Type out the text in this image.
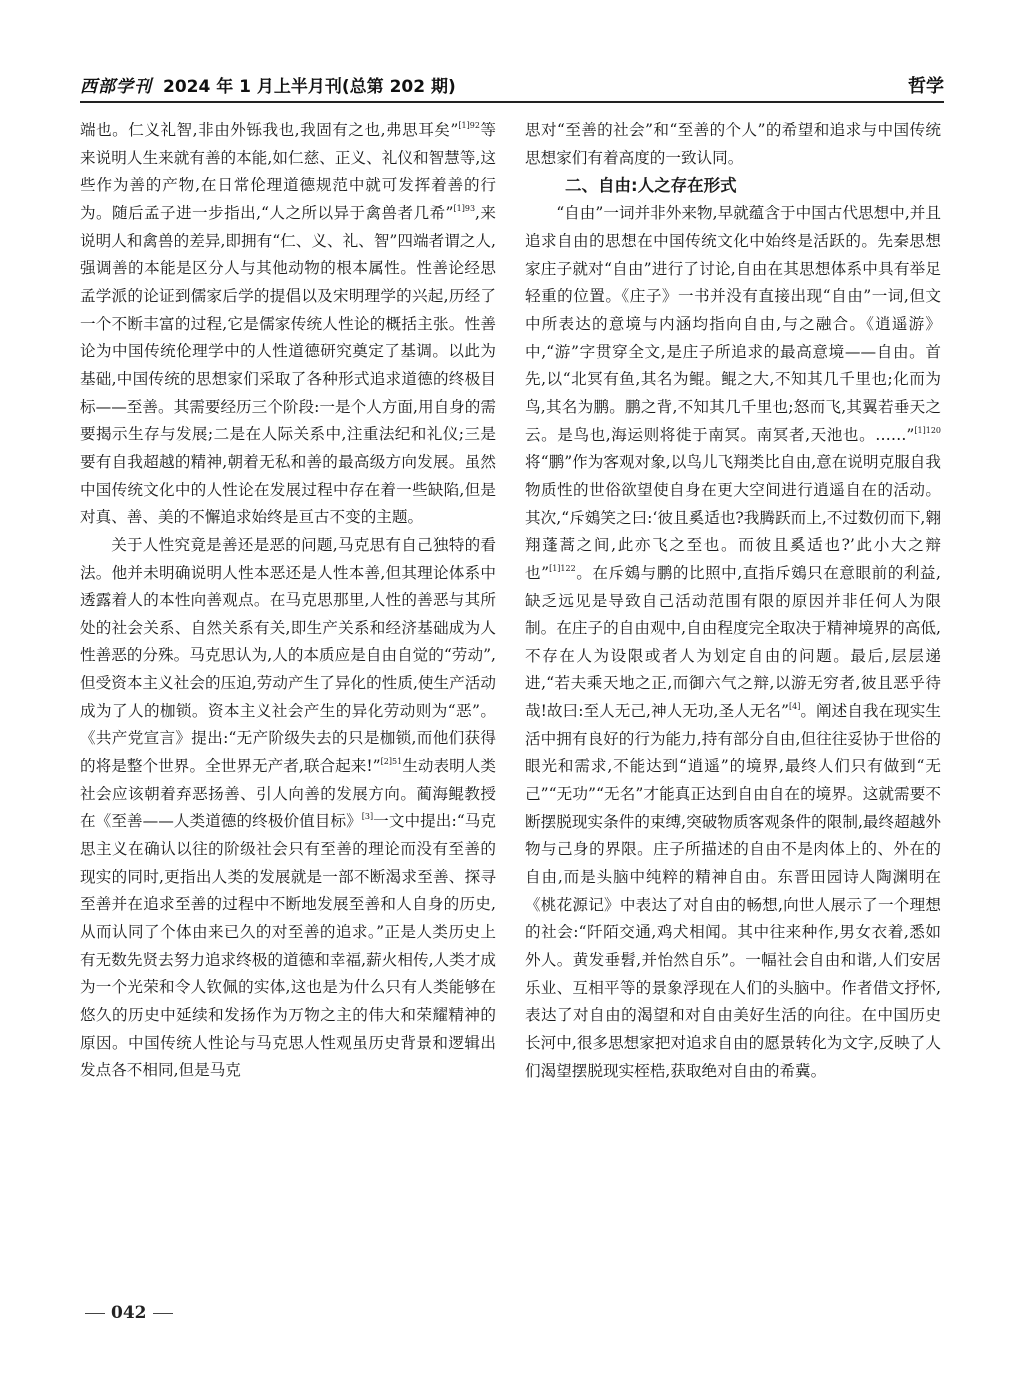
西部学刊 2024 年 1 月上半月刊(总第 202 期)	哲学

端也。仁义礼智,非由外铄我也,我固有之也,弗思耳矣”$^{[1]92}$等来说明人生来就有善的本能,如仁慈、正义、礼仪和智慧等,这些作为善的产物,在日常伦理道德规范中就可发挥着善的行为。随后孟子进一步指出,“人之所以异于禽兽者几希”$^{[1]93}$,来说明人和禽兽的差异,即拥有“仁、义、礼、智”四端者谓之人,强调善的本能是区分人与其他动物的根本属性。性善论经思孟学派的论证到儒家后学的提倡以及宋明理学的兴起,历经了一个不断丰富的过程,它是儒家传统人性论的概括主张。性善论为中国传统伦理学中的人性道德研究奠定了基调。以此为基础,中国传统的思想家们采取了各种形式追求道德的终极目标——至善。其需要经历三个阶段:一是个人方面,用自身的需要揭示生存与发展;二是在人际关系中,注重法纪和礼仪;三是要有自我超越的精神,朝着无私和善的最高级方向发展。虽然中国传统文化中的人性论在发展过程中存在着一些缺陷,但是对真、善、美的不懈追求始终是亘古不变的主题。

关于人性究竟是善还是恶的问题,马克思有自己独特的看法。他并未明确说明人性本恶还是人性本善,但其理论体系中透露着人的本性向善观点。在马克思那里,人性的善恶与其所处的社会关系、自然关系有关,即生产关系和经济基础成为人性善恶的分殊。马克思认为,人的本质应是自由自觉的“劳动”,但受资本主义社会的压迫,劳动产生了异化的性质,使生产活动成为了人的枷锁。资本主义社会产生的异化劳动则为“恶”。《共产党宣言》提出:“无产阶级失去的只是枷锁,而他们获得的将是整个世界。全世界无产者,联合起来!”$^{[2]51}$生动表明人类社会应该朝着弃恶扬善、引人向善的发展方向。蔺海鲲教授在《至善——人类道德的终极价值目标》[3]一文中提出:“马克思主义在确认以往的阶级社会只有至善的理论而没有至善的现实的同时,更指出人类的发展就是一部不断渴求至善、探寻至善并在追求至善的过程中不断地发展至善和人自身的历史,从而认同了个体由来已久的对至善的追求。”正是人类历史上有无数先贤去努力追求终极的道德和幸福,薪火相传,人类才成为一个光荣和令人钦佩的实体,这也是为什么只有人类能够在悠久的历史中延续和发扬作为万物之主的伟大和荣耀精神的原因。中国传统人性论与马克思人性观虽历史背景和逻辑出发点各不相同,但是马克

思对“至善的社会”和“至善的个人”的希望和追求与中国传统思想家们有着高度的一致认同。

二、自由:人之存在形式

“自由”一词并非外来物,早就蕴含于中国古代思想中,并且追求自由的思想在中国传统文化中始终是活跃的。先秦思想家庄子就对“自由”进行了讨论,自由在其思想体系中具有举足轻重的位置。《庄子》一书并没有直接出现“自由”一词,但文中所表达的意境与内涵均指向自由,与之融合。《逍遥游》中,“游”字贯穿全文,是庄子所追求的最高意境——自由。首先,以“北冥有鱼,其名为鲲。鲲之大,不知其几千里也;化而为鸟,其名为鹏。鹏之背,不知其几千里也;怒而飞,其翼若垂天之云。是鸟也,海运则将徙于南冥。南冥者,天池也。……”$^{[1]120}$将“鹏”作为客观对象,以鸟儿飞翔类比自由,意在说明克服自我物质性的世俗欲望使自身在更大空间进行逍遥自在的活动。其次,“斥鴳笑之曰:‘彼且奚适也?我腾跃而上,不过数仞而下,翱翔蓬蒿之间,此亦飞之至也。而彼且奚适也?’此小大之辩也”$^{[1]122}$。在斥鴳与鹏的比照中,直指斥鴳只在意眼前的利益,缺乏远见是导致自己活动范围有限的原因并非任何人为限制。在庄子的自由观中,自由程度完全取决于精神境界的高低,不存在人为设限或者人为划定自由的问题。最后,层层递进,“若夫乘天地之正,而御六气之辩,以游无穷者,彼且恶乎待哉!故曰:至人无己,神人无功,圣人无名”[4]。阐述自我在现实生活中拥有良好的行为能力,持有部分自由,但往往妥协于世俗的眼光和需求,不能达到“逍遥”的境界,最终人们只有做到“无己”“无功”“无名”才能真正达到自由自在的境界。这就需要不断摆脱现实条件的束缚,突破物质客观条件的限制,最终超越外物与己身的界限。庄子所描述的自由不是肉体上的、外在的自由,而是头脑中纯粹的精神自由。东晋田园诗人陶渊明在《桃花源记》中表达了对自由的畅想,向世人展示了一个理想的社会:“阡陌交通,鸡犬相闻。其中往来种作,男女衣着,悉如外人。黄发垂髫,并怡然自乐”。一幅社会自由和谐,人们安居乐业、互相平等的景象浮现在人们的头脑中。作者借文抒怀,表达了对自由的渴望和对自由美好生活的向往。在中国历史长河中,很多思想家把对追求自由的愿景转化为文字,反映了人们渴望摆脱现实桎梏,获取绝对自由的希冀。

042
